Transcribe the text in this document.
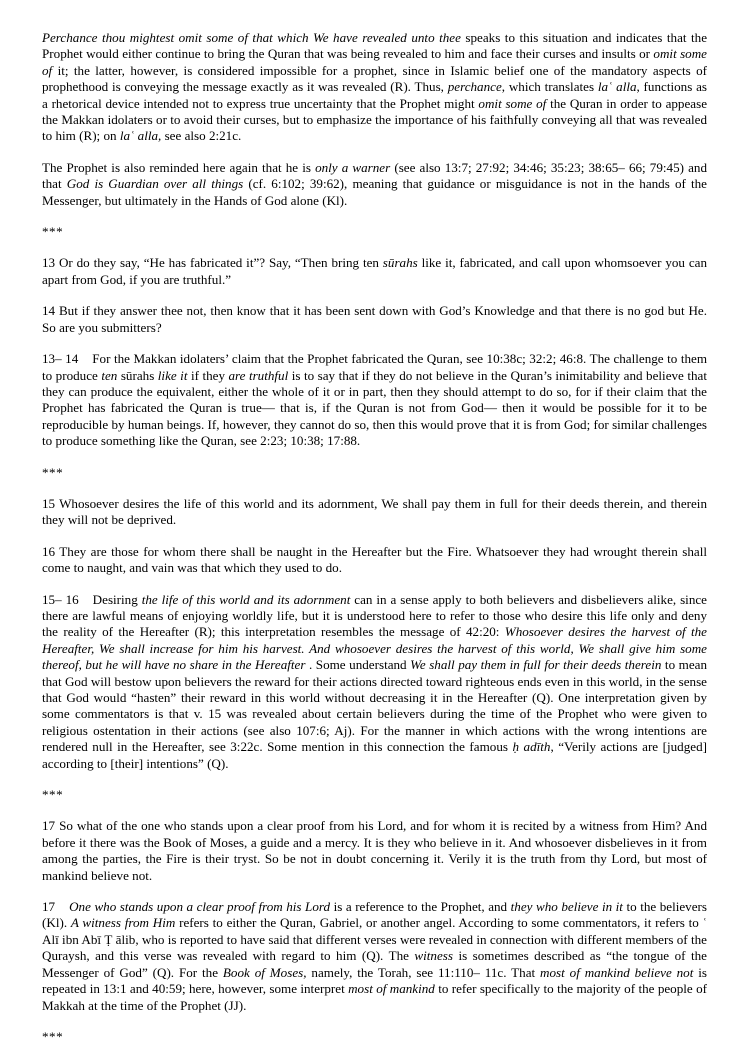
Perchance thou mightest omit some of that which We have revealed unto thee speaks to this situation and indicates that the Prophet would either continue to bring the Quran that was being revealed to him and face their curses and insults or omit some of it; the latter, however, is considered impossible for a prophet, since in Islamic belief one of the mandatory aspects of prophethood is conveying the message exactly as it was revealed (R). Thus, perchance, which translates laʿ alla, functions as a rhetorical device intended not to express true uncertainty that the Prophet might omit some of the Quran in order to appease the Makkan idolaters or to avoid their curses, but to emphasize the importance of his faithfully conveying all that was revealed to him (R); on laʿ alla, see also 2:21c.

The Prophet is also reminded here again that he is only a warner (see also 13:7; 27:92; 34:46; 35:23; 38:65– 66; 79:45) and that God is Guardian over all things (cf. 6:102; 39:62), meaning that guidance or misguidance is not in the hands of the Messenger, but ultimately in the Hands of God alone (Kl).

***

13 Or do they say, “He has fabricated it”? Say, “Then bring ten sūrahs like it, fabricated, and call upon whomsoever you can apart from God, if you are truthful.”

14 But if they answer thee not, then know that it has been sent down with God’s Knowledge and that there is no god but He. So are you submitters?

13– 14 For the Makkan idolaters’ claim that the Prophet fabricated the Quran, see 10:38c; 32:2; 46:8. The challenge to them to produce ten sūrahs like it if they are truthful is to say that if they do not believe in the Quran’s inimitability and believe that they can produce the equivalent, either the whole of it or in part, then they should attempt to do so, for if their claim that the Prophet has fabricated the Quran is true— that is, if the Quran is not from God— then it would be possible for it to be reproducible by human beings. If, however, they cannot do so, then this would prove that it is from God; for similar challenges to produce something like the Quran, see 2:23; 10:38; 17:88.

***

15 Whosoever desires the life of this world and its adornment, We shall pay them in full for their deeds therein, and therein they will not be deprived.

16 They are those for whom there shall be naught in the Hereafter but the Fire. Whatsoever they had wrought therein shall come to naught, and vain was that which they used to do.

15– 16 Desiring the life of this world and its adornment can in a sense apply to both believers and disbelievers alike, since there are lawful means of enjoying worldly life, but it is understood here to refer to those who desire this life only and deny the reality of the Hereafter (R); this interpretation resembles the message of 42:20: Whosoever desires the harvest of the Hereafter, We shall increase for him his harvest. And whosoever desires the harvest of this world, We shall give him some thereof, but he will have no share in the Hereafter . Some understand We shall pay them in full for their deeds therein to mean that God will bestow upon believers the reward for their actions directed toward righteous ends even in this world, in the sense that God would “hasten” their reward in this world without decreasing it in the Hereafter (Q). One interpretation given by some commentators is that v. 15 was revealed about certain believers during the time of the Prophet who were given to religious ostentation in their actions (see also 107:6; Aj). For the manner in which actions with the wrong intentions are rendered null in the Hereafter, see 3:22c. Some mention in this connection the famous ḥ adīth, “Verily actions are [judged] according to [their] intentions” (Q).

***

17 So what of the one who stands upon a clear proof from his Lord, and for whom it is recited by a witness from Him? And before it there was the Book of Moses, a guide and a mercy. It is they who believe in it. And whosoever disbelieves in it from among the parties, the Fire is their tryst. So be not in doubt concerning it. Verily it is the truth from thy Lord, but most of mankind believe not.

17 One who stands upon a clear proof from his Lord is a reference to the Prophet, and they who believe in it to the believers (Kl). A witness from Him refers to either the Quran, Gabriel, or another angel. According to some commentators, it refers to ʿ Alī ibn Abī Ṭ ālib, who is reported to have said that different verses were revealed in connection with different members of the Quraysh, and this verse was revealed with regard to him (Q). The witness is sometimes described as “the tongue of the Messenger of God” (Q). For the Book of Moses, namely, the Torah, see 11:110– 11c. That most of mankind believe not is repeated in 13:1 and 40:59; here, however, some interpret most of mankind to refer specifically to the majority of the people of Makkah at the time of the Prophet (JJ).

***
